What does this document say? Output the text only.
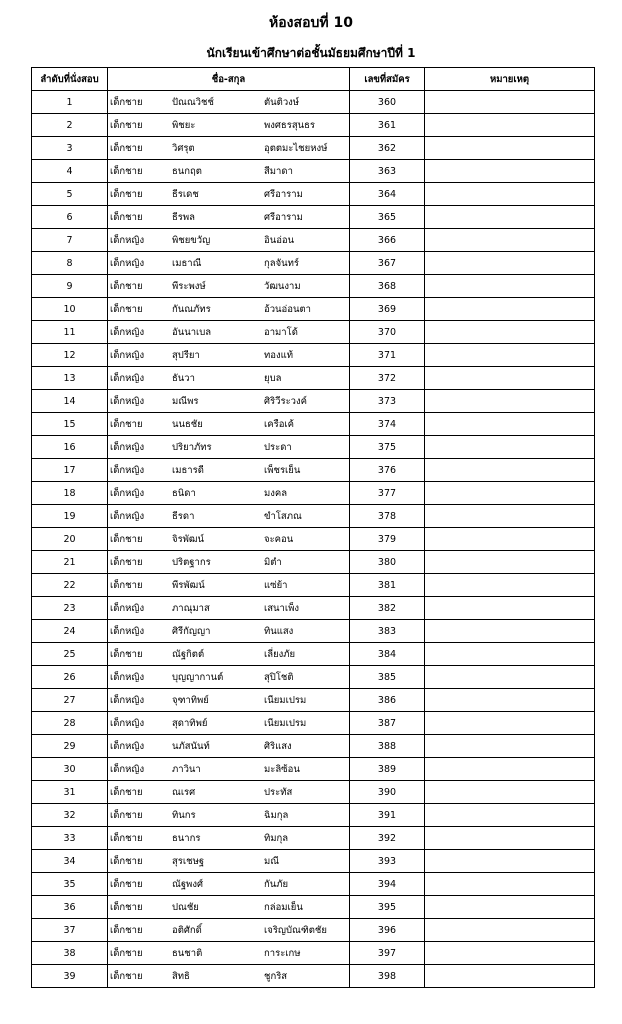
ห้องสอบที่ 10
นักเรียนเข้าศึกษาต่อชั้นมัธยมศึกษาปีที่ 1
ลำดับที่นั่งสอบ	ชื่อ-สกุล	เลขที่สมัคร	หมายเหตุ
1	เด็กชาย ปัณณวิชช์ ตันติวงษ์	360	
2	เด็กชาย พิชยะ พงศธรสุนธร	361	
3	เด็กชาย วิศรุต อุตตมะไชยหงษ์	362	
4	เด็กชาย ธนกฤต สีมาดา	363	
5	เด็กชาย ธีรเดช ศรีอาราม	364	
6	เด็กชาย ธีรพล ศรีอาราม	365	
7	เด็กหญิง พิชยขวัญ อินอ่อน	366	
8	เด็กหญิง เมธาณี กุลจันทร์	367	
9	เด็กชาย พีระพงษ์ วัฒนงาม	368	
10	เด็กชาย กันณภัทร อ้วนอ่อนตา	369	
11	เด็กหญิง อันนาเบล อามาโด้	370	
12	เด็กหญิง สุปรียา ทองแท้	371	
13	เด็กหญิง ธันวา ยุบล	372	
14	เด็กหญิง มณีพร ศิริวีระวงค์	373	
15	เด็กชาย นนธชัย เครือเค้	374	
16	เด็กหญิง ปริยาภัทร ประดา	375	
17	เด็กหญิง เมธารดี เพ็ชรเย็น	376	
18	เด็กหญิง ธนิดา มงคล	377	
19	เด็กหญิง ธีรดา ขำโสภณ	378	
20	เด็กชาย จิรพัฒน์ จะคอน	379	
21	เด็กชาย ปริตฐากร มิตำ	380	
22	เด็กชาย พีรพัฒน์ แซ่ย้า	381	
23	เด็กหญิง ภาณุมาส เสนาเพ็ง	382	
24	เด็กหญิง ศิรีกัญญา ทินแสง	383	
25	เด็กชาย ณัฐกิตต์ เลี่ยงภัย	384	
26	เด็กหญิง บุญญากานต์ สุปิโชติ	385	
27	เด็กหญิง จุฑาทิพย์ เนียมเปรม	386	
28	เด็กหญิง สุดาทิพย์ เนียมเปรม	387	
29	เด็กหญิง นภัสนันท์ ศิริแสง	388	
30	เด็กหญิง ภาวินา มะลิซ้อน	389	
31	เด็กชาย ณเรศ ประทัส	390	
32	เด็กชาย ทินกร ฉิมกุล	391	
33	เด็กชาย ธนากร ทิมกุล	392	
34	เด็กชาย สุรเชษฐ มณี	393	
35	เด็กชาย ณัฐพงศ์ กันภัย	394	
36	เด็กชาย ปณชัย กล่อมเย็น	395	
37	เด็กชาย อติศักดิ์ เจริญบัณฑิตชัย	396	
38	เด็กชาย ธนชาติ การะเกษ	397	
39	เด็กชาย สิทธิ ชูกริส	398	
